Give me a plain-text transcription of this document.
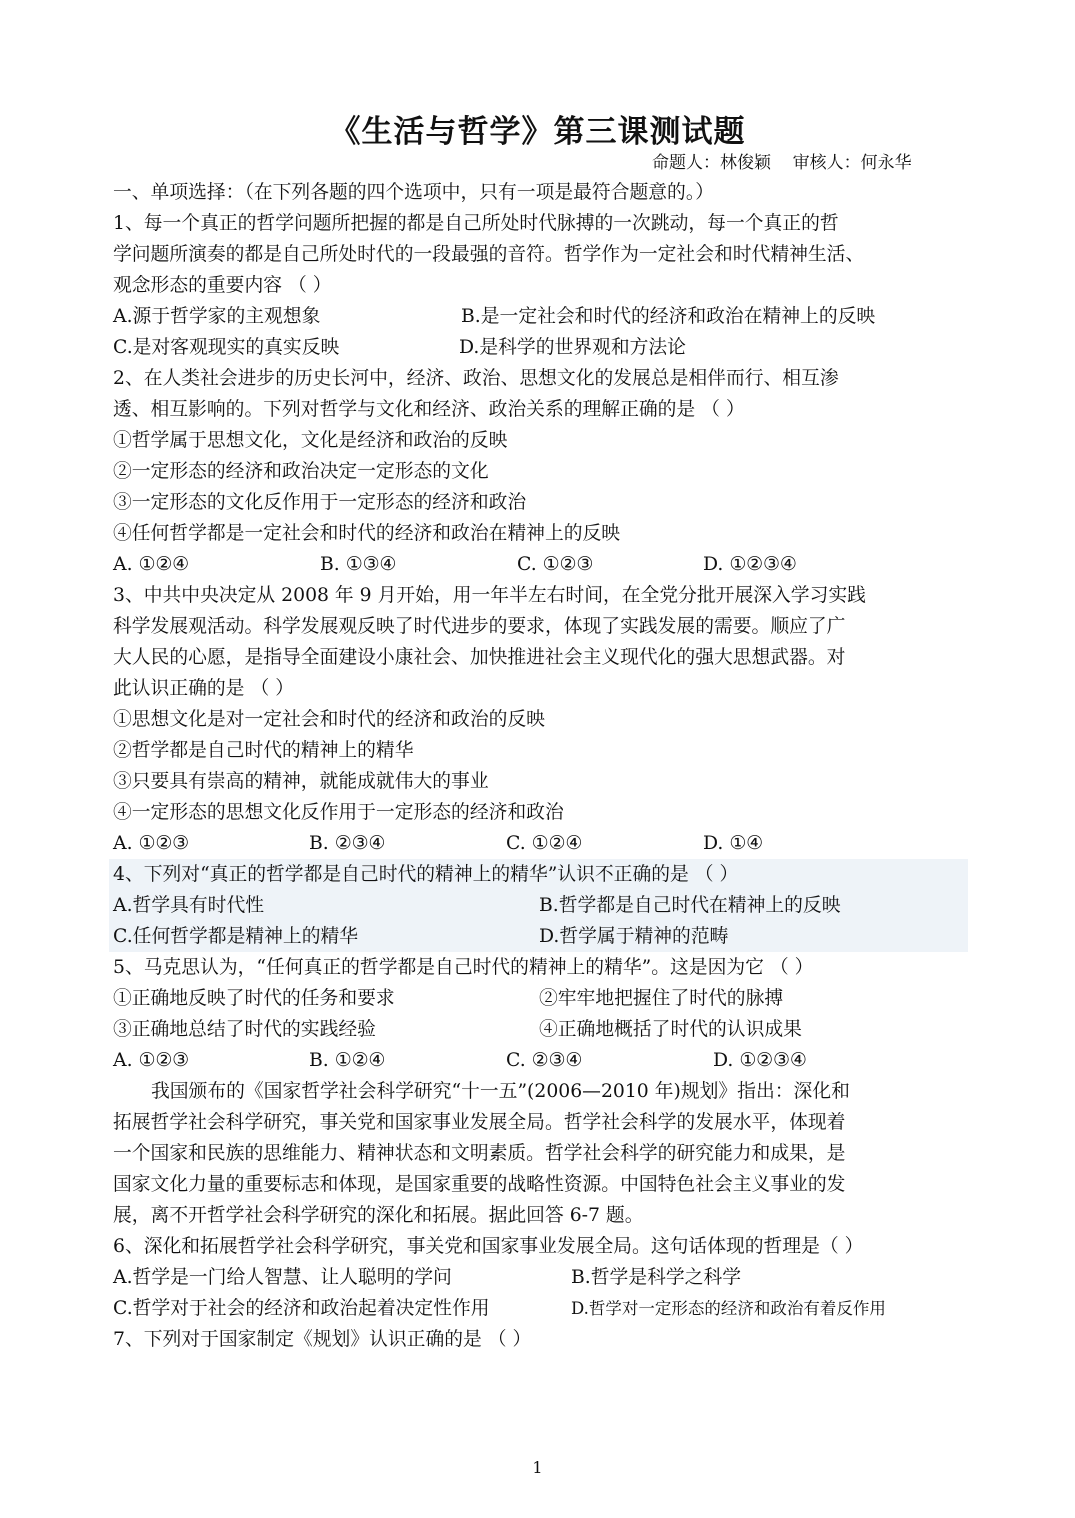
《生活与哲学》第三课测试题
命题人：林俊颖    审核人：何永华
一、单项选择：（在下列各题的四个选项中，只有一项是最符合题意的。）
1、每一个真正的哲学问题所把握的都是自己所处时代脉搏的一次跳动，每一个真正的哲
学问题所演奏的都是自己所处时代的一段最强的音符。哲学作为一定社会和时代精神生活、
观念形态的重要内容 （ ）
A.源于哲学家的主观想象	B.是一定社会和时代的经济和政治在精神上的反映
C.是对客观现实的真实反映	D.是科学的世界观和方法论
2、在人类社会进步的历史长河中，经济、政治、思想文化的发展总是相伴而行、相互渗
透、相互影响的。下列对哲学与文化和经济、政治关系的理解正确的是 （ ）
①哲学属于思想文化，文化是经济和政治的反映
②一定形态的经济和政治决定一定形态的文化
③一定形态的文化反作用于一定形态的经济和政治
④任何哲学都是一定社会和时代的经济和政治在精神上的反映
A. ①②④	B. ①③④	C. ①②③	D. ①②③④
3、中共中央决定从 2008 年 9 月开始，用一年半左右时间，在全党分批开展深入学习实践
科学发展观活动。科学发展观反映了时代进步的要求，体现了实践发展的需要。顺应了广
大人民的心愿，是指导全面建设小康社会、加快推进社会主义现代化的强大思想武器。对
此认识正确的是 （ ）
①思想文化是对一定社会和时代的经济和政治的反映
②哲学都是自己时代的精神上的精华
③只要具有崇高的精神，就能成就伟大的事业
④一定形态的思想文化反作用于一定形态的经济和政治
A. ①②③	B. ②③④	C. ①②④	D. ①④
4、下列对“真正的哲学都是自己时代的精神上的精华”认识不正确的是 （ ）
A.哲学具有时代性	B.哲学都是自己时代在精神上的反映
C.任何哲学都是精神上的精华	D.哲学属于精神的范畴
5、马克思认为，“任何真正的哲学都是自己时代的精神上的精华”。这是因为它 （ ）
①正确地反映了时代的任务和要求	②牢牢地把握住了时代的脉搏
③正确地总结了时代的实践经验	④正确地概括了时代的认识成果
A. ①②③	B. ①②④	C. ②③④	D. ①②③④
我国颁布的《国家哲学社会科学研究“十一五”(2006—2010 年)规划》指出：深化和
拓展哲学社会科学研究，事关党和国家事业发展全局。哲学社会科学的发展水平，体现着
一个国家和民族的思维能力、精神状态和文明素质。哲学社会科学的研究能力和成果，是
国家文化力量的重要标志和体现，是国家重要的战略性资源。中国特色社会主义事业的发
展，离不开哲学社会科学研究的深化和拓展。据此回答 6-7 题。
6、深化和拓展哲学社会科学研究，事关党和国家事业发展全局。这句话体现的哲理是（ ）
A.哲学是一门给人智慧、让人聪明的学问	B.哲学是科学之科学
C.哲学对于社会的经济和政治起着决定性作用	D.哲学对一定形态的经济和政治有着反作用
7、下列对于国家制定《规划》认识正确的是 （ ）
1
